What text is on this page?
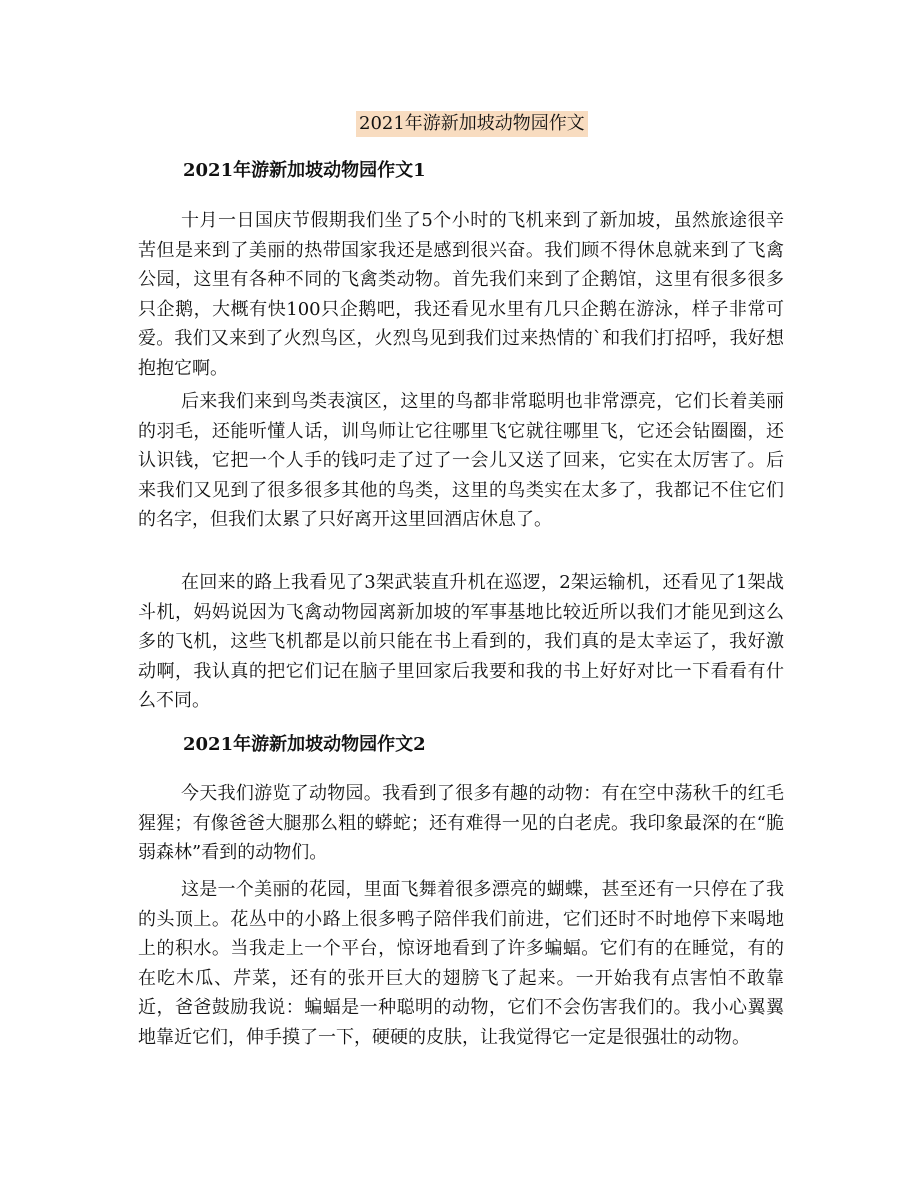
2021年游新加坡动物园作文
2021年游新加坡动物园作文1

十月一日国庆节假期我们坐了5个小时的飞机来到了新加坡，虽然旅途很辛苦但是来到了美丽的热带国家我还是感到很兴奋。我们顾不得休息就来到了飞禽公园，这里有各种不同的飞禽类动物。首先我们来到了企鹅馆，这里有很多很多只企鹅，大概有快100只企鹅吧，我还看见水里有几只企鹅在游泳，样子非常可爱。我们又来到了火烈鸟区，火烈鸟见到我们过来热情的`和我们打招呼，我好想抱抱它啊。

后来我们来到鸟类表演区，这里的鸟都非常聪明也非常漂亮，它们长着美丽的羽毛，还能听懂人话，训鸟师让它往哪里飞它就往哪里飞，它还会钻圈圈，还认识钱，它把一个人手的钱叼走了过了一会儿又送了回来，它实在太厉害了。后来我们又见到了很多很多其他的鸟类，这里的鸟类实在太多了，我都记不住它们的名字，但我们太累了只好离开这里回酒店休息了。

在回来的路上我看见了3架武装直升机在巡逻，2架运输机，还看见了1架战斗机，妈妈说因为飞禽动物园离新加坡的军事基地比较近所以我们才能见到这么多的飞机，这些飞机都是以前只能在书上看到的，我们真的是太幸运了，我好激动啊，我认真的把它们记在脑子里回家后我要和我的书上好好对比一下看看有什么不同。

2021年游新加坡动物园作文2

今天我们游览了动物园。我看到了很多有趣的动物：有在空中荡秋千的红毛猩猩；有像爸爸大腿那么粗的蟒蛇；还有难得一见的白老虎。我印象最深的在“脆弱森林”看到的动物们。

这是一个美丽的花园，里面飞舞着很多漂亮的蝴蝶，甚至还有一只停在了我的头顶上。花丛中的小路上很多鸭子陪伴我们前进，它们还时不时地停下来喝地上的积水。当我走上一个平台，惊讶地看到了许多蝙蝠。它们有的在睡觉，有的在吃木瓜、芹菜，还有的张开巨大的翅膀飞了起来。一开始我有点害怕不敢靠近，爸爸鼓励我说：蝙蝠是一种聪明的动物，它们不会伤害我们的。我小心翼翼地靠近它们，伸手摸了一下，硬硬的皮肤，让我觉得它一定是很强壮的动物。
